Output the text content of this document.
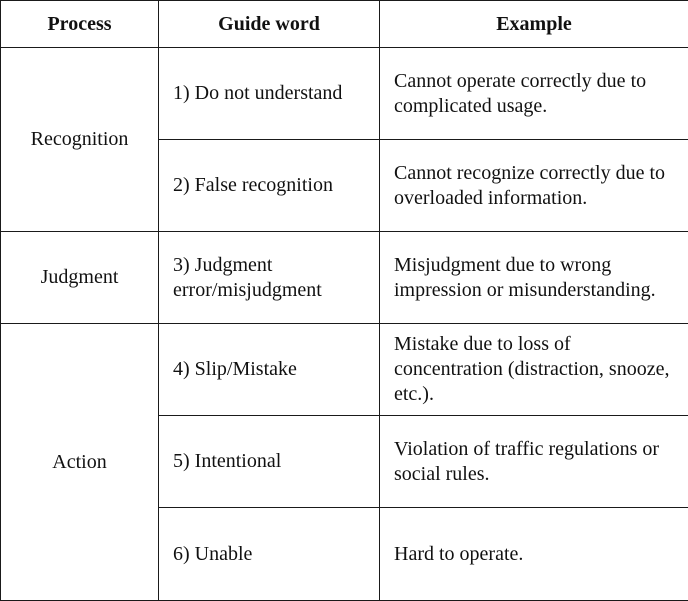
Process	Guide word	Example
Recognition	1) Do not understand	Cannot operate correctly due to complicated usage.
	2) False recognition	Cannot recognize correctly due to overloaded information.
Judgment	3) Judgment error/misjudgment	Misjudgment due to wrong impression or misunderstanding.
Action	4) Slip/Mistake	Mistake due to loss of concentration (distraction, snooze, etc.).
	5) Intentional	Violation of traffic regulations or social rules.
	6) Unable	Hard to operate.
